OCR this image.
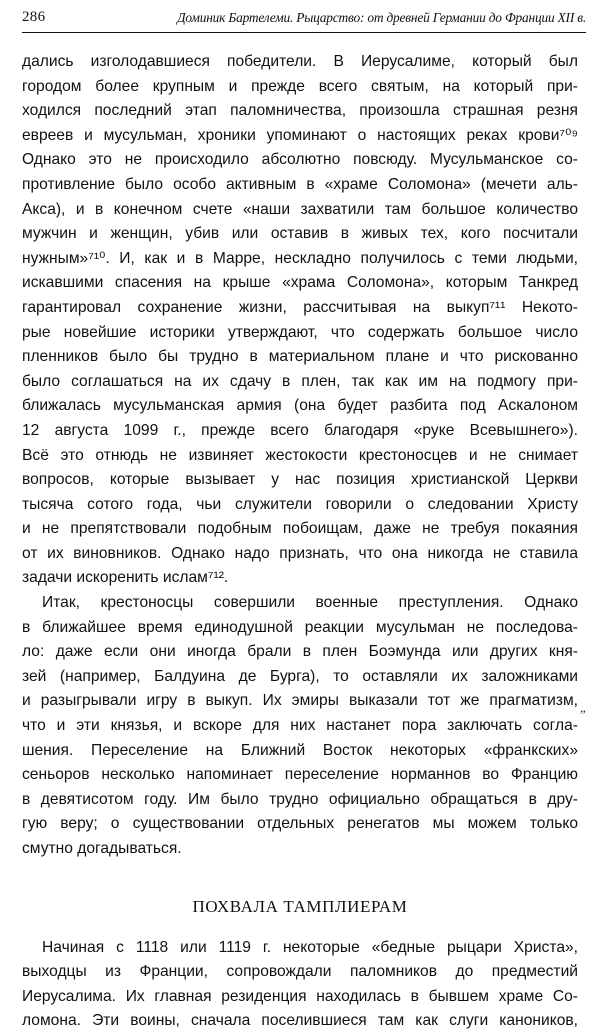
286	Доминик Бартелеми. Рыцарство: от древней Германии до Франции XII в.
дались изголодавшиеся победители. В Иерусалиме, который был
городом более крупным и прежде всего святым, на который при-
ходился последний этап паломничества, произошла страшная резня
евреев и мусульман, хроники упоминают о настоящих реках крови⁷⁰⁹
Однако это не происходило абсолютно повсюду. Мусульманское со-
противление было особо активным в «храме Соломона» (мечети аль-
Акса), и в конечном счете «наши захватили там большое количество
мужчин и женщин, убив или оставив в живых тех, кого посчитали
нужным»⁷¹⁰. И, как и в Марре, нескладно получилось с теми людьми,
искавшими спасения на крыше «храма Соломона», которым Танкред
гарантировал сохранение жизни, рассчитывая на выкуп⁷¹¹ Некото-
рые новейшие историки утверждают, что содержать большое число
пленников было бы трудно в материальном плане и что рискованно
было соглашаться на их сдачу в плен, так как им на подмогу при-
ближалась мусульманская армия (она будет разбита под Аскалоном
12 августа 1099 г., прежде всего благодаря «руке Всевышнего»).
Всё это отнюдь не извиняет жестокости крестоносцев и не снимает
вопросов, которые вызывает у нас позиция христианской Церкви
тысяча сотого года, чьи служители говорили о следовании Христу
и не препятствовали подобным побоищам, даже не требуя покаяния
от их виновников. Однако надо признать, что она никогда не ставила
задачи искоренить ислам⁷¹².
Итак, крестоносцы совершили военные преступления. Однако
в ближайшее время единодушной реакции мусульман не последова-
ло: даже если они иногда брали в плен Боэмунда или других кня-
зей (например, Балдуина де Бурга), то оставляли их заложниками
и разыгрывали игру в выкуп. Их эмиры выказали тот же прагматизм,
что и эти князья, и вскоре для них настанет пора заключать согла-
шения. Переселение на Ближний Восток некоторых «франкских»
сеньоров несколько напоминает переселение норманнов во Францию
в девятисотом году. Им было трудно официально обращаться в дру-
гую веру; о существовании отдельных ренегатов мы можем только
смутно догадываться.
ПОХВАЛА ТАМПЛИЕРАМ
Начиная с 1118 или 1119 г. некоторые «бедные рыцари Христа»,
выходцы из Франции, сопровождали паломников до предместий
Иерусалима. Их главная резиденция находилась в бывшем храме Со-
ломона. Эти воины, сначала поселившиеся там как слуги каноников,
„
